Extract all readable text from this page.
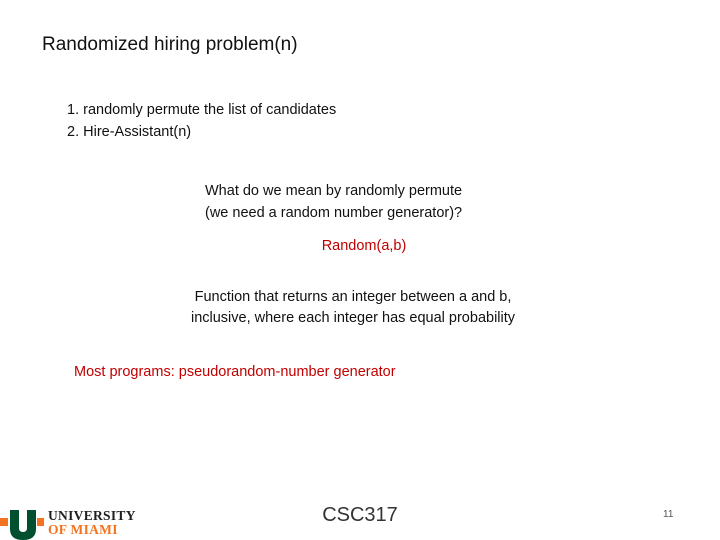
Randomized hiring problem(n)
1. randomly permute the list of candidates
2. Hire-Assistant(n)
What do we mean by randomly permute
(we need a random number generator)?
Random(a,b)
Function that returns an integer between a and b,
inclusive, where each integer has equal probability
Most programs: pseudorandom-number generator
UNIVERSITY
OF MIAMI
CSC317	11
